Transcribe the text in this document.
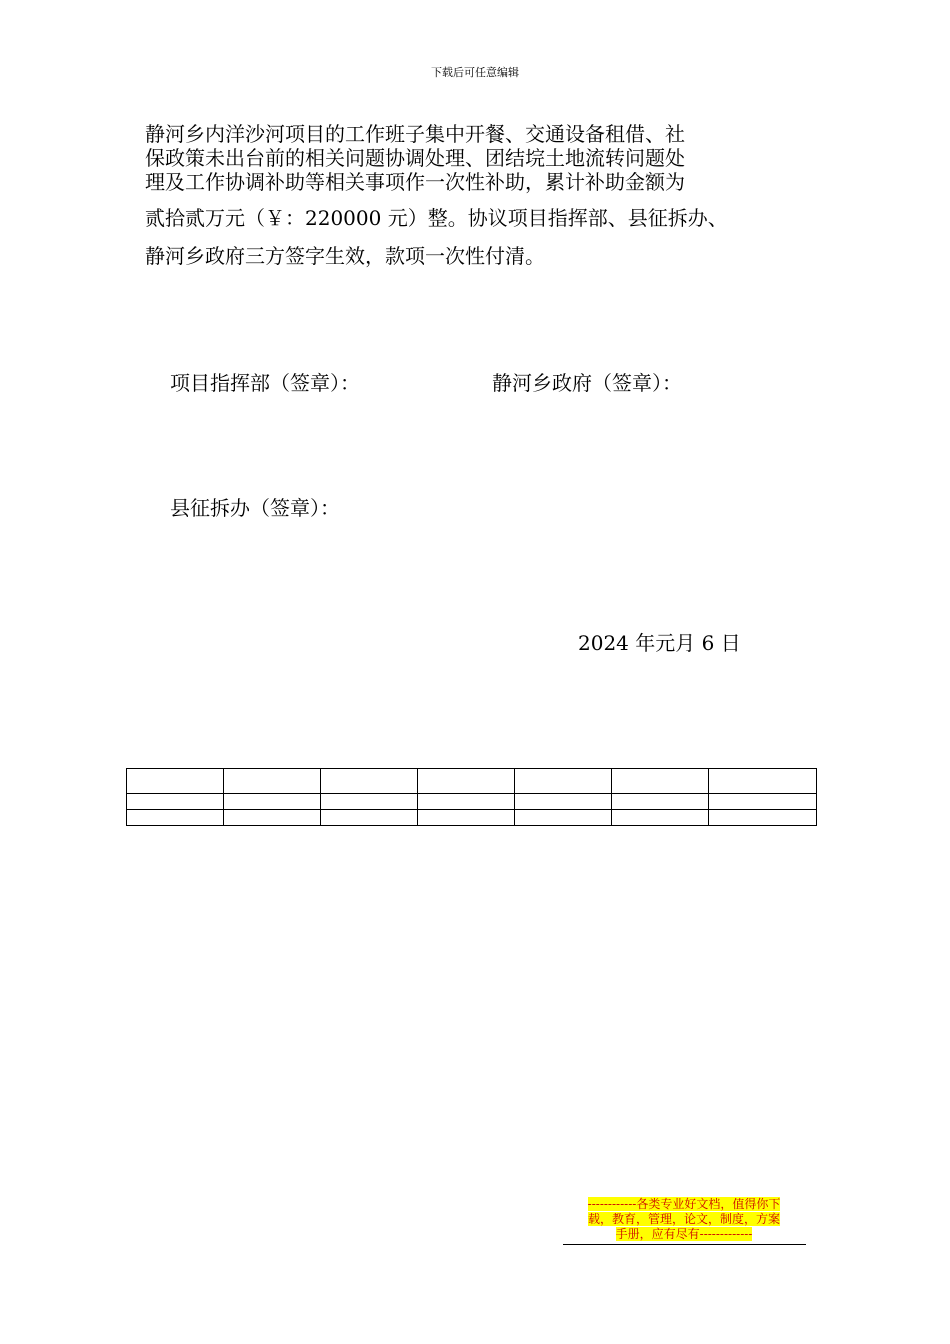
下载后可任意编辑
静河乡内洋沙河项目的工作班子集中开餐、交通设备租借、社
保政策未出台前的相关问题协调处理、团结垸土地流转问题处
理及工作协调补助等相关事项作一次性补助，累计补助金额为
贰拾贰万元（￥：220000 元）整。协议项目指挥部、县征拆办、
静河乡政府三方签字生效，款项一次性付清。
项目指挥部（签章）：	静河乡政府（签章）：
县征拆办（签章）：
2024 年元月 6 日

------------各类专业好文档，值得你下
载，教育，管理，论文，制度，方案
手册，应有尽有-------------
